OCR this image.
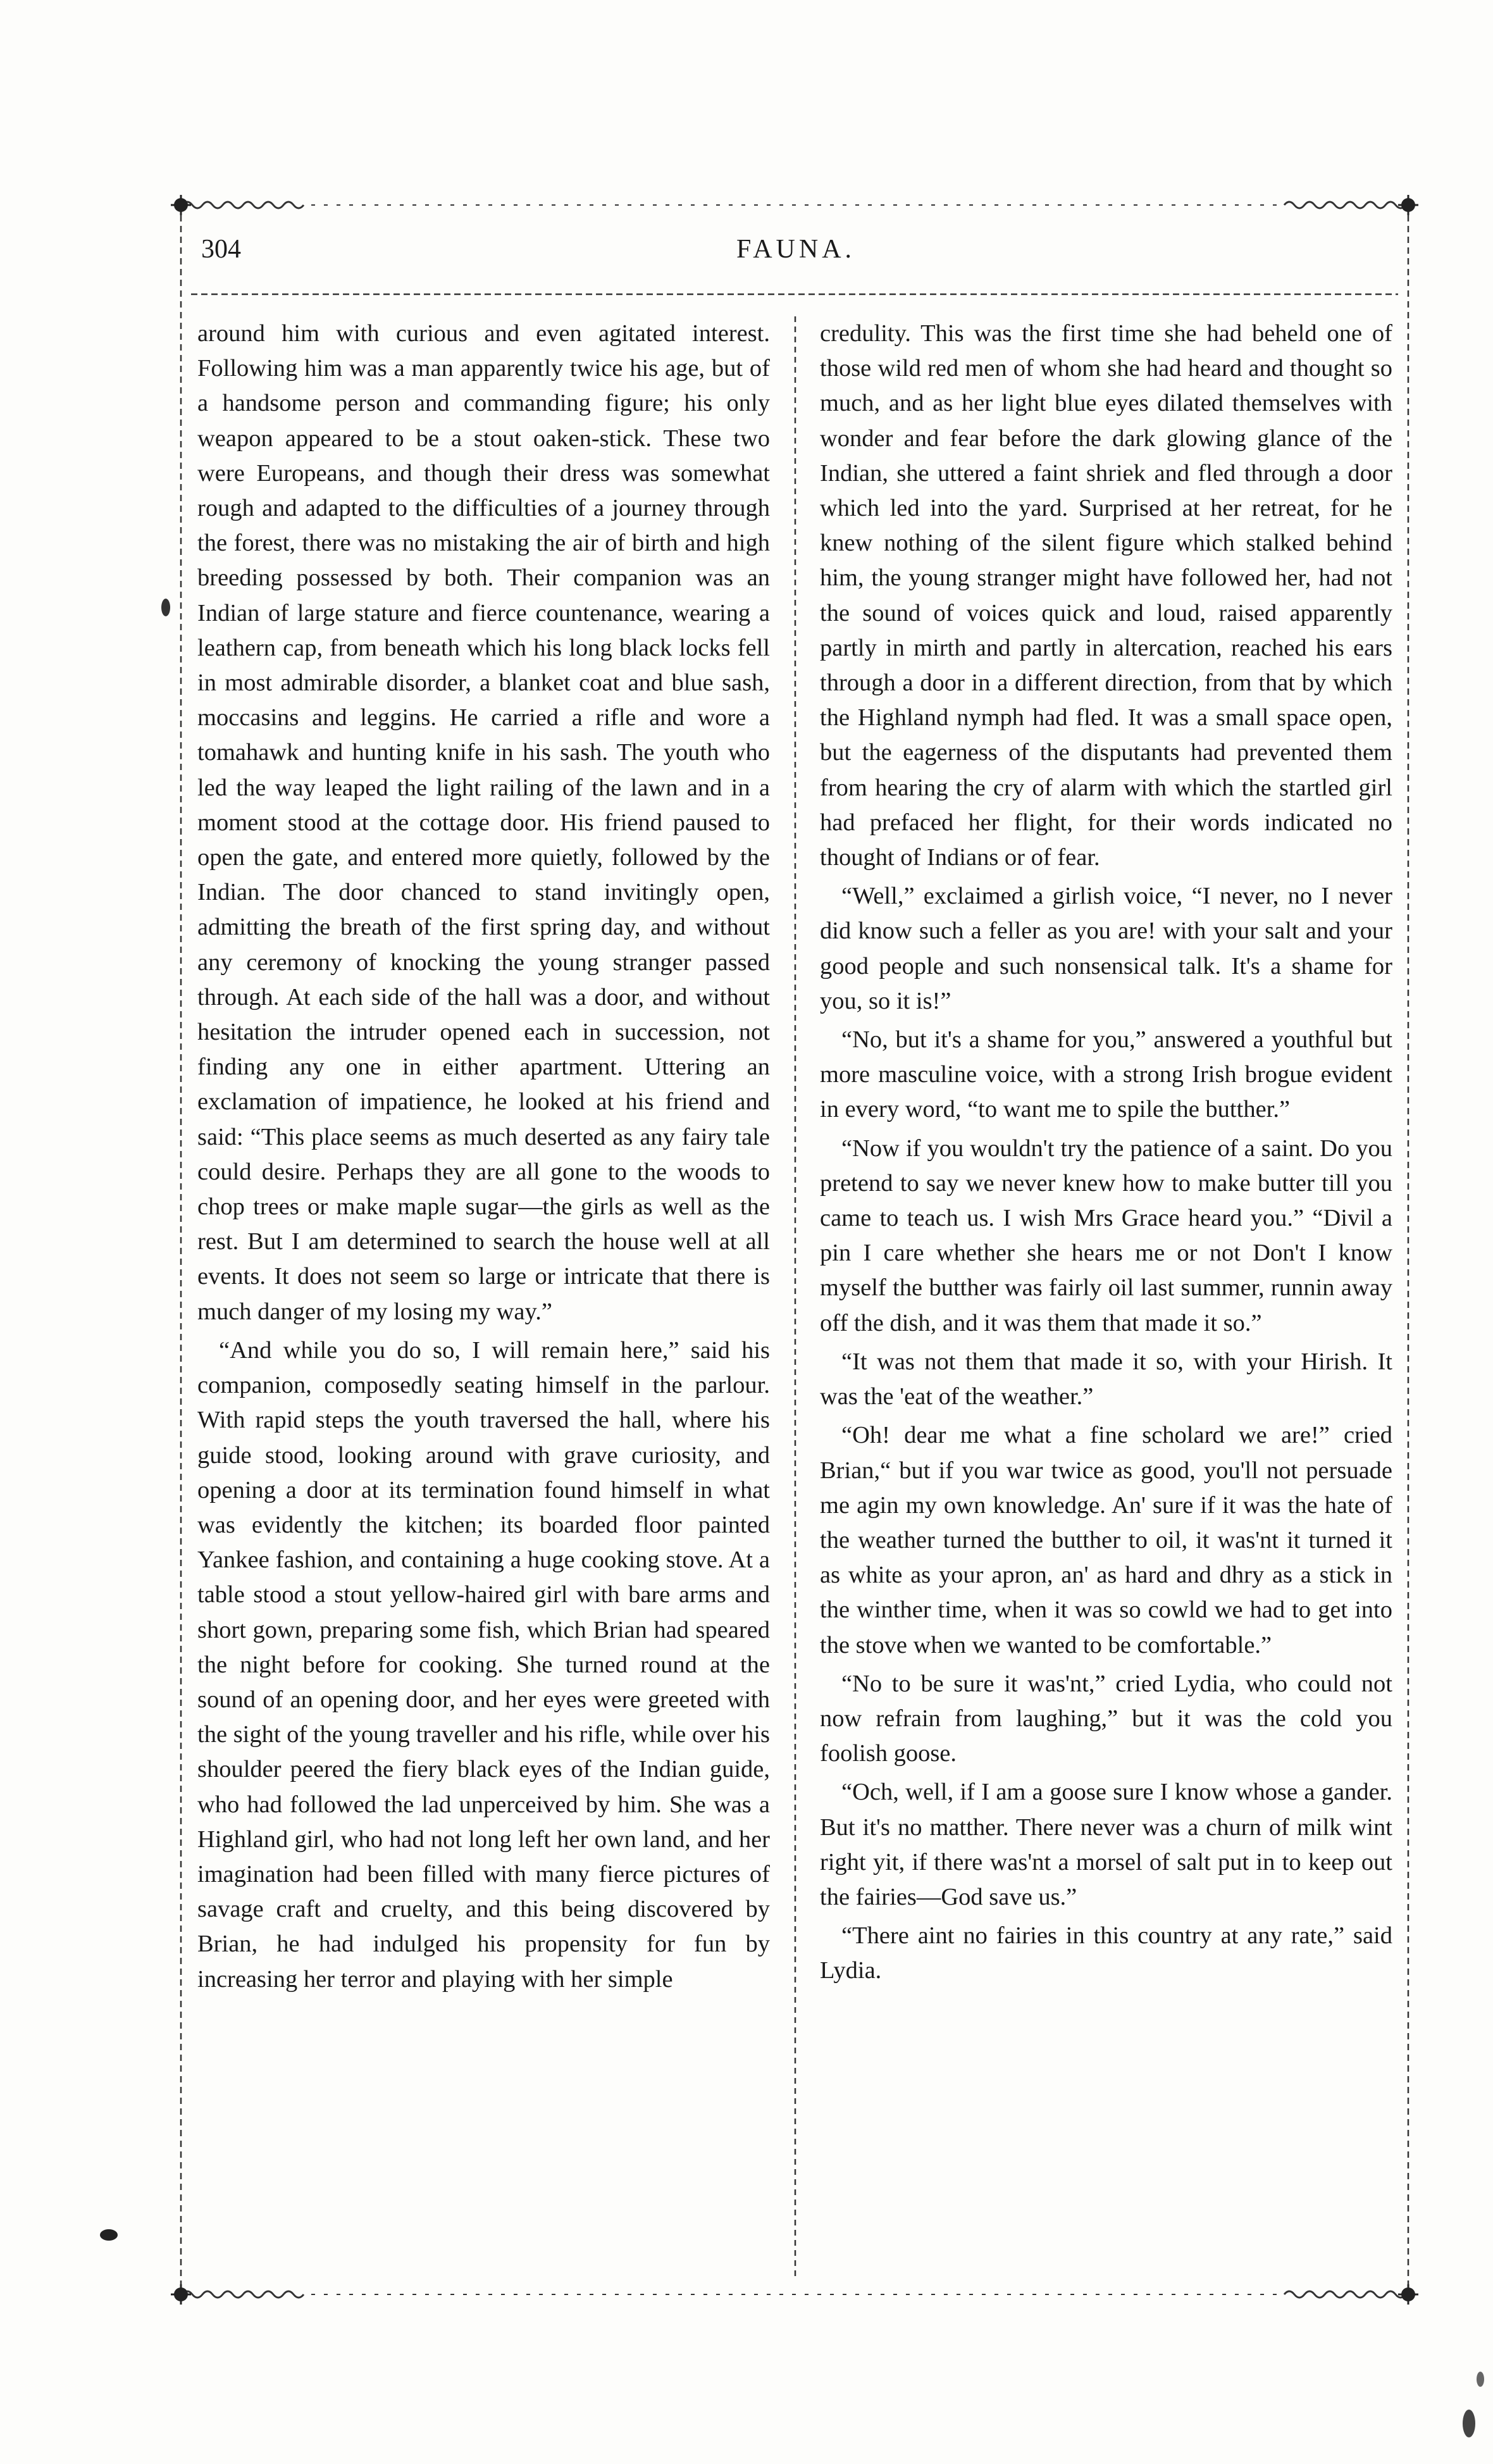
304	FAUNA.

around him with curious and even agitated interest. Following him was a man apparently twice his age, but of a handsome person and commanding figure; his only weapon appeared to be a stout oaken-stick. These two were Europeans, and though their dress was somewhat rough and adapted to the difficulties of a journey through the forest, there was no mistaking the air of birth and high breeding possessed by both. Their companion was an Indian of large stature and fierce countenance, wearing a leathern cap, from beneath which his long black locks fell in most admirable disorder, a blanket coat and blue sash, moccasins and leggins. He carried a rifle and wore a tomahawk and hunting knife in his sash. The youth who led the way leaped the light railing of the lawn and in a moment stood at the cottage door. His friend paused to open the gate, and entered more quietly, followed by the Indian. The door chanced to stand invitingly open, admitting the breath of the first spring day, and without any ceremony of knocking the young stranger passed through. At each side of the hall was a door, and without hesitation the intruder opened each in succession, not finding any one in either apartment. Uttering an exclamation of impatience, he looked at his friend and said: “This place seems as much deserted as any fairy tale could desire. Perhaps they are all gone to the woods to chop trees or make maple sugar—the girls as well as the rest. But I am determined to search the house well at all events. It does not seem so large or intricate that there is much danger of my losing my way.”

“And while you do so, I will remain here,” said his companion, composedly seating himself in the parlour. With rapid steps the youth traversed the hall, where his guide stood, looking around with grave curiosity, and opening a door at its termination found himself in what was evidently the kitchen; its boarded floor painted Yankee fashion, and containing a huge cooking stove. At a table stood a stout yellow-haired girl with bare arms and short gown, preparing some fish, which Brian had speared the night before for cooking. She turned round at the sound of an opening door, and her eyes were greeted with the sight of the young traveller and his rifle, while over his shoulder peered the fiery black eyes of the Indian guide, who had followed the lad unperceived by him. She was a Highland girl, who had not long left her own land, and her imagination had been filled with many fierce pictures of savage craft and cruelty, and this being discovered by Brian, he had indulged his propensity for fun by increasing her terror and playing with her simple

credulity. This was the first time she had beheld one of those wild red men of whom she had heard and thought so much, and as her light blue eyes dilated themselves with wonder and fear before the dark glowing glance of the Indian, she uttered a faint shriek and fled through a door which led into the yard. Surprised at her retreat, for he knew nothing of the silent figure which stalked behind him, the young stranger might have followed her, had not the sound of voices quick and loud, raised apparently partly in mirth and partly in altercation, reached his ears through a door in a different direction, from that by which the Highland nymph had fled. It was a small space open, but the eagerness of the disputants had prevented them from hearing the cry of alarm with which the startled girl had prefaced her flight, for their words indicated no thought of Indians or of fear.

“Well,” exclaimed a girlish voice, “I never, no I never did know such a feller as you are! with your salt and your good people and such nonsensical talk. It's a shame for you, so it is!”

“No, but it's a shame for you,” answered a youthful but more masculine voice, with a strong Irish brogue evident in every word, “to want me to spile the butther.”

“Now if you wouldn't try the patience of a saint. Do you pretend to say we never knew how to make butter till you came to teach us. I wish Mrs Grace heard you.” “Divil a pin I care whether she hears me or not Don't I know myself the butther was fairly oil last summer, runnin away off the dish, and it was them that made it so.”

“It was not them that made it so, with your Hirish. It was the 'eat of the weather.”

“Oh! dear me what a fine scholard we are!” cried Brian,“ but if you war twice as good, you'll not persuade me agin my own knowledge. An' sure if it was the hate of the weather turned the butther to oil, it was'nt it turned it as white as your apron, an' as hard and dhry as a stick in the winther time, when it was so cowld we had to get into the stove when we wanted to be comfortable.”

“No to be sure it was'nt,” cried Lydia, who could not now refrain from laughing,” but it was the cold you foolish goose.

“Och, well, if I am a goose sure I know whose a gander. But it's no matther. There never was a churn of milk wint right yit, if there was'nt a morsel of salt put in to keep out the fairies—God save us.”

“There aint no fairies in this country at any rate,” said Lydia.
